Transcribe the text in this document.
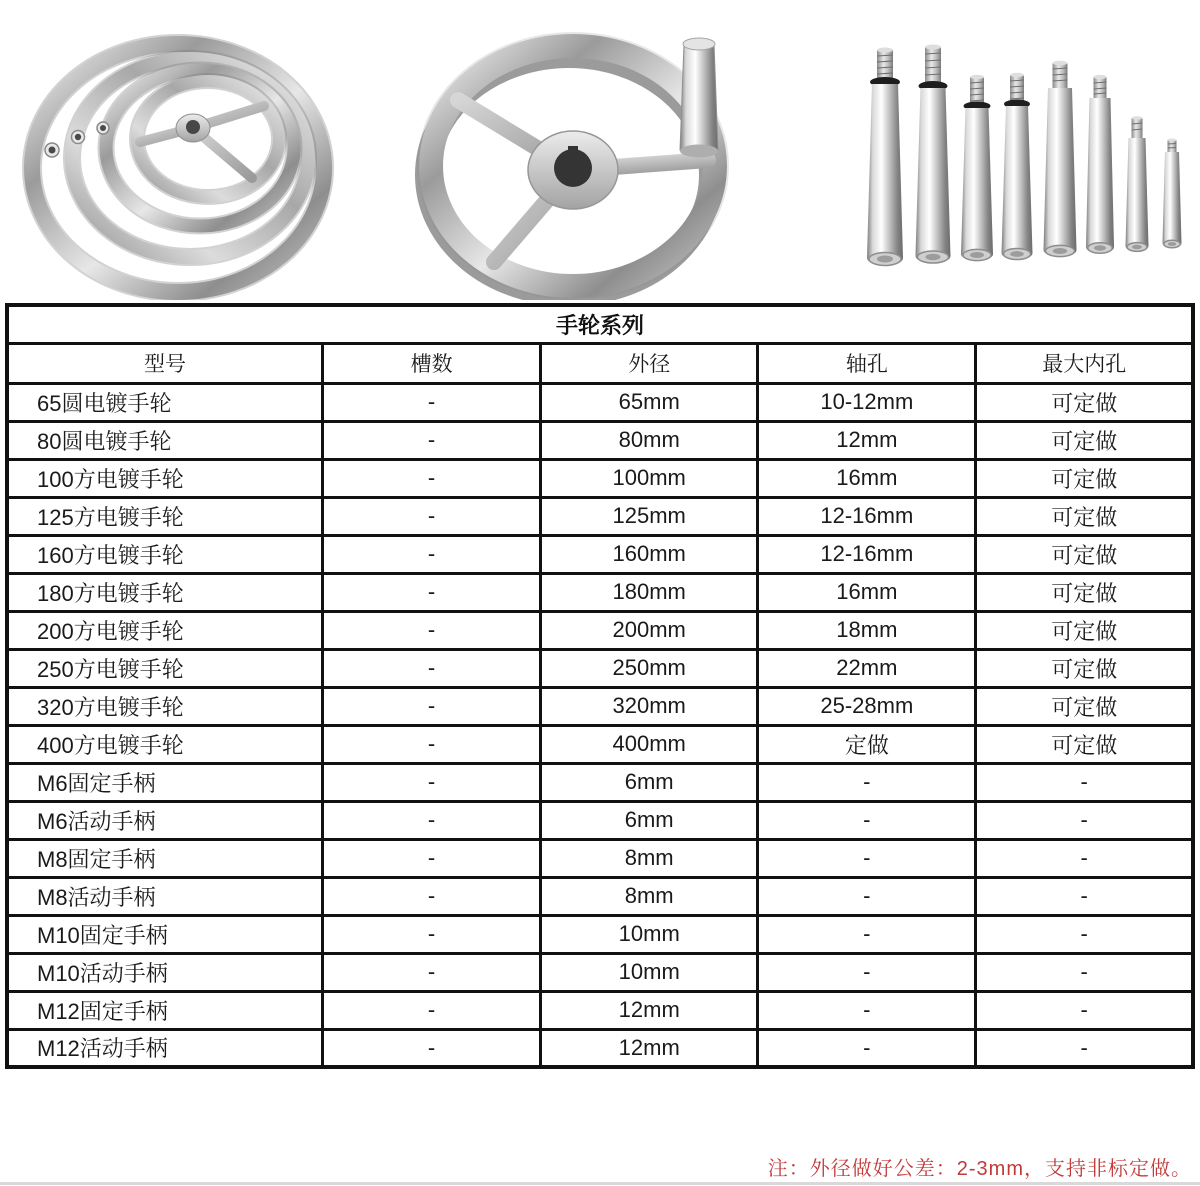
手轮系列				
型号	槽数	外径	轴孔	最大内孔
65圆电镀手轮	-	65mm	10-12mm	可定做
80圆电镀手轮	-	80mm	12mm	可定做
100方电镀手轮	-	100mm	16mm	可定做
125方电镀手轮	-	125mm	12-16mm	可定做
160方电镀手轮	-	160mm	12-16mm	可定做
180方电镀手轮	-	180mm	16mm	可定做
200方电镀手轮	-	200mm	18mm	可定做
250方电镀手轮	-	250mm	22mm	可定做
320方电镀手轮	-	320mm	25-28mm	可定做
400方电镀手轮	-	400mm	定做	可定做
M6固定手柄	-	6mm	-	-
M6活动手柄	-	6mm	-	-
M8固定手柄	-	8mm	-	-
M8活动手柄	-	8mm	-	-
M10固定手柄	-	10mm	-	-
M10活动手柄	-	10mm	-	-
M12固定手柄	-	12mm	-	-
M12活动手柄	-	12mm	-	-
注：外径做好公差：2-3mm，支持非标定做。
